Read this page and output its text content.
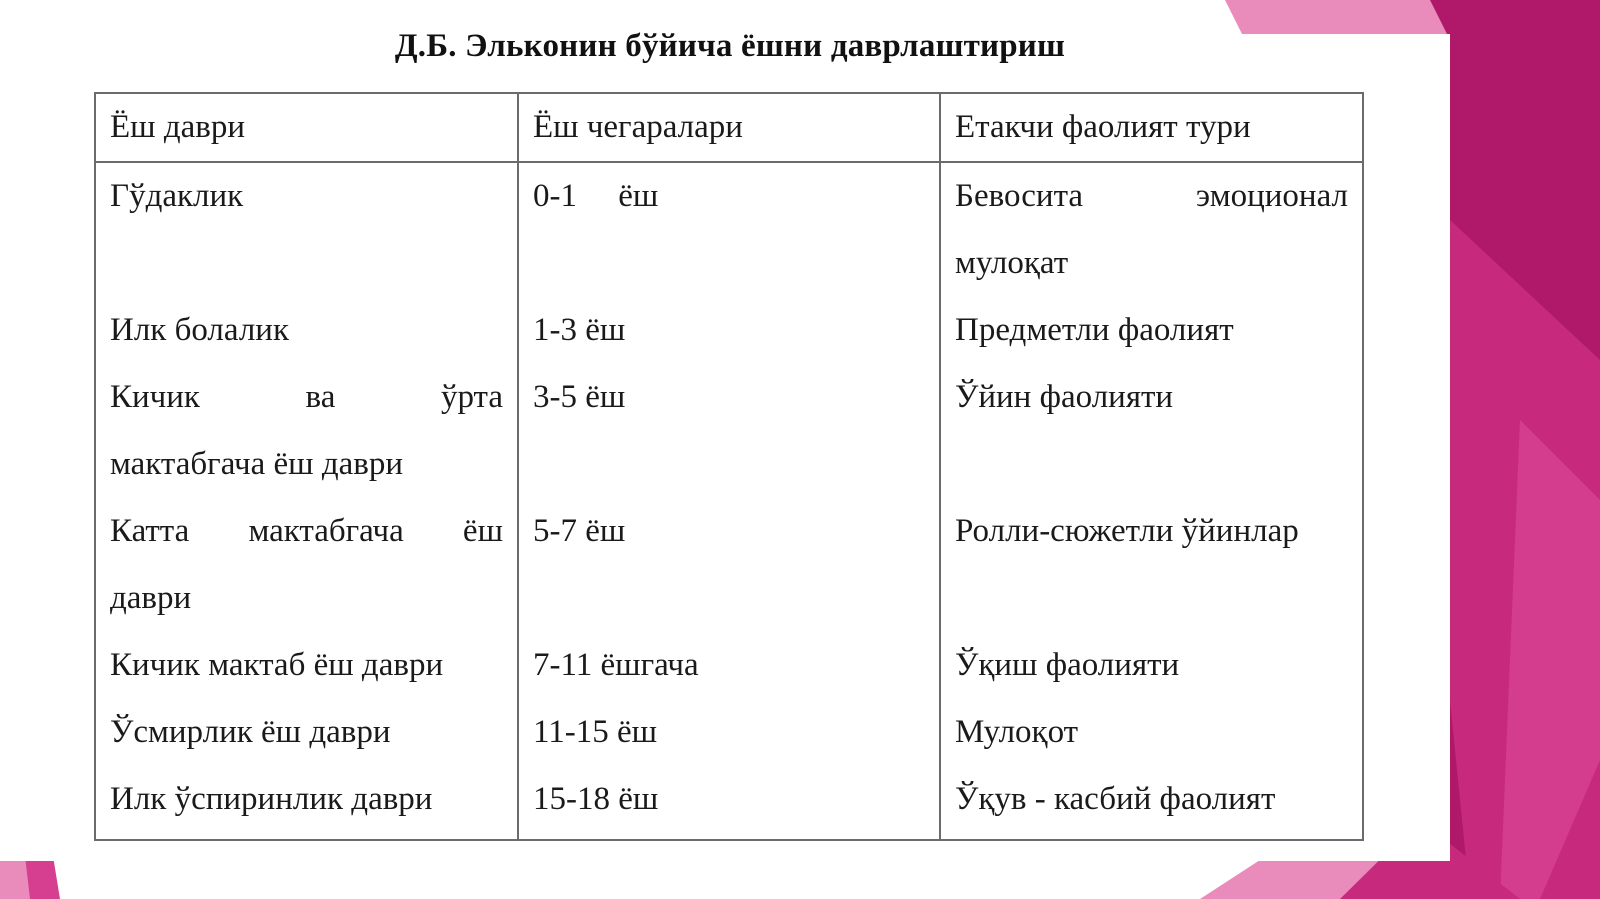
Д.Б. Эльконин бўйича ёшни даврлаштириш
Ёш даври	Ёш чегаралари	Етакчи фаолият тури

Гўдаклик	0-1     ёш	Бевосита эмоционал
мулоқат

Илк болалик	1-3 ёш	Предметли фаолият

Кичик ва ўрта
мактабгача ёш даври	3-5 ёш	Ўйин фаолияти

Катта мактабгача ёш
даври	5-7 ёш	Ролли-сюжетли ўйинлар

Кичик мактаб ёш даври	7-11 ёшгача	Ўқиш фаолияти

Ўсмирлик ёш даври	11-15 ёш	Мулоқот

Илк ўспиринлик даври	15-18 ёш	Ўқув - касбий фаолият
